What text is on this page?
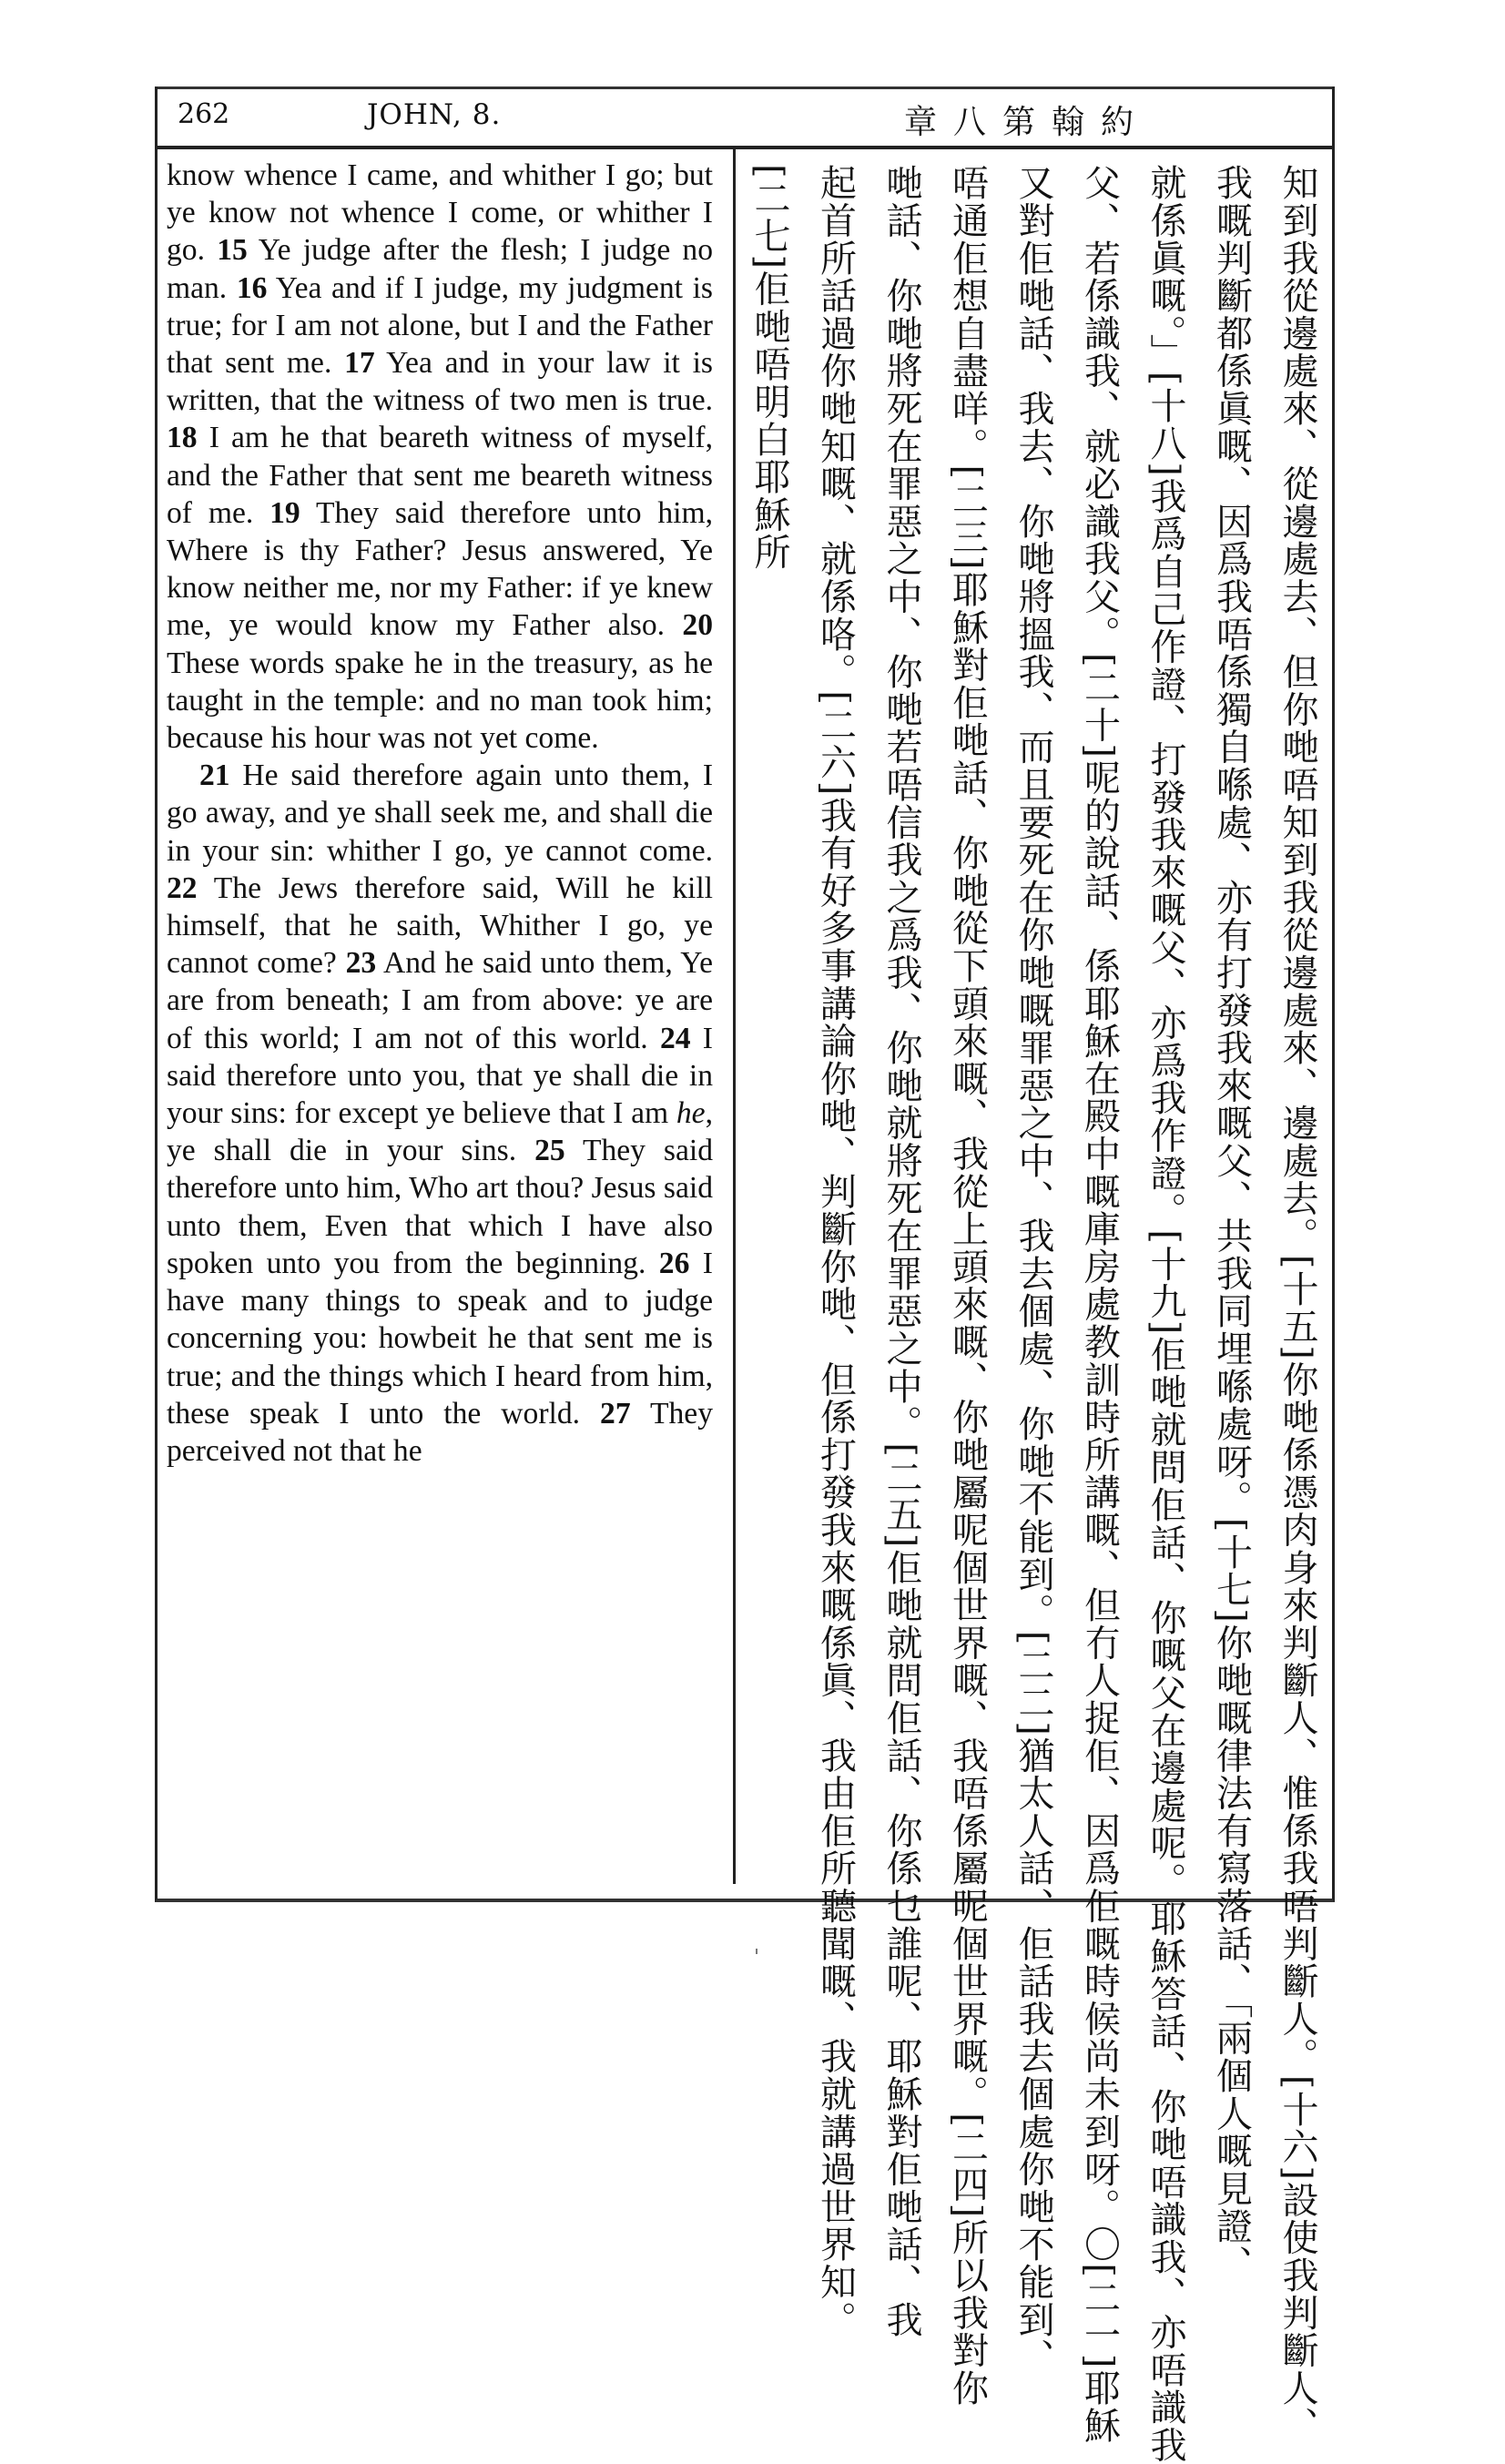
262	JOHN, 8.	約翰第八章

know whence I came, and whither I go; but ye know not whence I come, or whither I go. 15 Ye judge after the flesh; I judge no man. 16 Yea and if I judge, my judgment is true; for I am not alone, but I and the Father that sent me. 17 Yea and in your law it is written, that the witness of two men is true. 18 I am he that beareth witness of myself, and the Father that sent me beareth witness of me. 19 They said therefore unto him, Where is thy Father? Jesus answered, Ye know neither me, nor my Father: if ye knew me, ye would know my Father also. 20 These words spake he in the treasury, as he taught in the temple: and no man took him; because his hour was not yet come.

21 He said therefore again unto them, I go away, and ye shall seek me, and shall die in your sin: whither I go, ye cannot come. 22 The Jews therefore said, Will he kill himself, that he saith, Whither I go, ye cannot come? 23 And he said unto them, Ye are from beneath; I am from above: ye are of this world; I am not of this world. 24 I said therefore unto you, that ye shall die in your sins: for except ye believe that I am he, ye shall die in your sins. 25 They said therefore unto him, Who art thou? Jesus said unto them, Even that which I have also spoken unto you from the beginning. 26 I have many things to speak and to judge concerning you: howbeit he that sent me is true; and the things which I heard from him, these speak I unto the world. 27 They perceived not that he	知到我從邊處來、從邊處去、但你哋唔知到我從邊處來、邊處去。[十五]你哋係憑肉身來判斷人、惟係我唔判斷人。[十六]設使我判斷人、
我嘅判斷都係眞嘅、因爲我唔係獨自喺處、亦有打發我來嘅父、共我同埋喺處呀。[十七]你哋嘅律法有寫落話、「兩個人嘅見證、
就係眞嘅。」[十八]我爲自己作證、打發我來嘅父、亦爲我作證。[十九]佢哋就問佢話、你嘅父在邊處呢。耶穌答話、你哋唔識我、亦唔識我
父、若係識我、就必識我父。[二十]呢的說話、係耶穌在殿中嘅庫房處教訓時所講嘅、但冇人捉佢、因爲佢嘅時候尚未到呀。〇[二一]耶穌
又對佢哋話、我去、你哋將搵我、而且要死在你哋嘅罪惡之中、我去個處、你哋不能到。[二二]猶太人話、佢話我去個處你哋不能到、
唔通佢想自盡咩。[二三]耶穌對佢哋話、你哋從下頭來嘅、我從上頭來嘅、你哋屬呢個世界嘅、我唔係屬呢個世界嘅。[二四]所以我對你
哋話、你哋將死在罪惡之中、你哋若唔信我之爲我、你哋就將死在罪惡之中。[二五]佢哋就問佢話、你係乜誰呢、耶穌對佢哋話、我
起首所話過你哋知嘅、就係咯。[二六]我有好多事講論你哋、判斷你哋、但係打發我來嘅係眞、我由佢所聽聞嘅、我就講過世界知。
[二七]佢哋唔明白耶穌所
